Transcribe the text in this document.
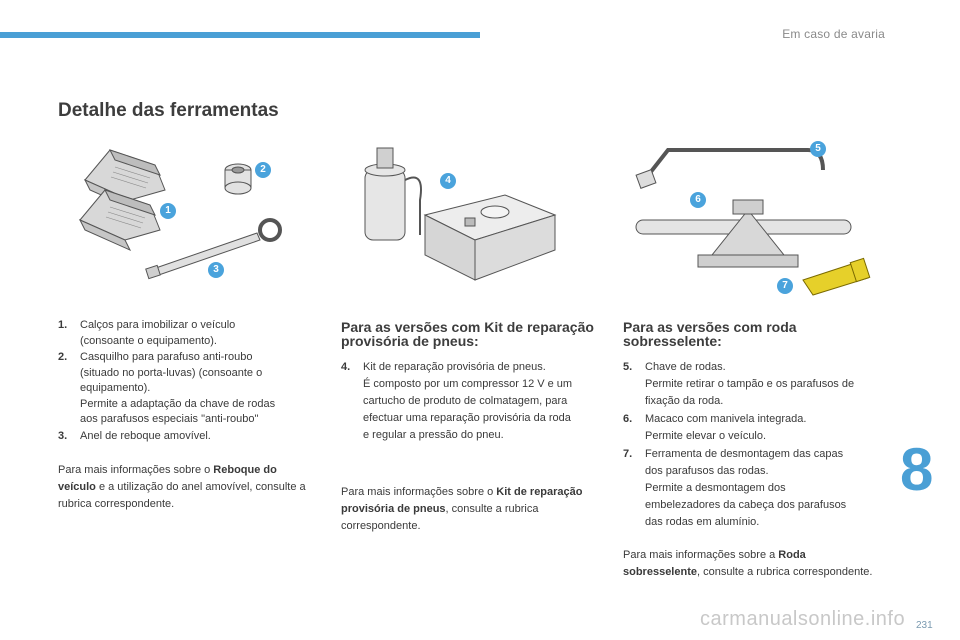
Em caso de avaria
Detalhe das ferramentas
1
2
3
4
5
6
7
1.	Calços para imobilizar o veículo
(consoante o equipamento).
2.	Casquilho para parafuso anti-roubo
(situado no porta-luvas) (consoante o
equipamento).
Permite a adaptação da chave de rodas
aos parafusos especiais "anti-roubo"
3.	Anel de reboque amovível.

Para mais informações sobre o Reboque do veículo e a utilização do anel amovível, consulte a rubrica correspondente.

Para as versões com Kit de reparação provisória de pneus:
4.	Kit de reparação provisória de pneus.
É composto por um compressor 12 V e um
cartucho de produto de colmatagem, para
efectuar uma reparação provisória da roda
e regular a pressão do pneu.

Para mais informações sobre o Kit de reparação provisória de pneus, consulte a rubrica correspondente.

Para as versões com roda sobresselente:
5.	Chave de rodas.
Permite retirar o tampão e os parafusos de
fixação da roda.
6.	Macaco com manivela integrada.
Permite elevar o veículo.
7.	Ferramenta de desmontagem das capas
dos parafusos das rodas.
Permite a desmontagem dos
embelezadores da cabeça dos parafusos
das rodas em alumínio.

Para mais informações sobre a Roda sobresselente, consulte a rubrica correspondente.

8
231
carmanualsonline.info
